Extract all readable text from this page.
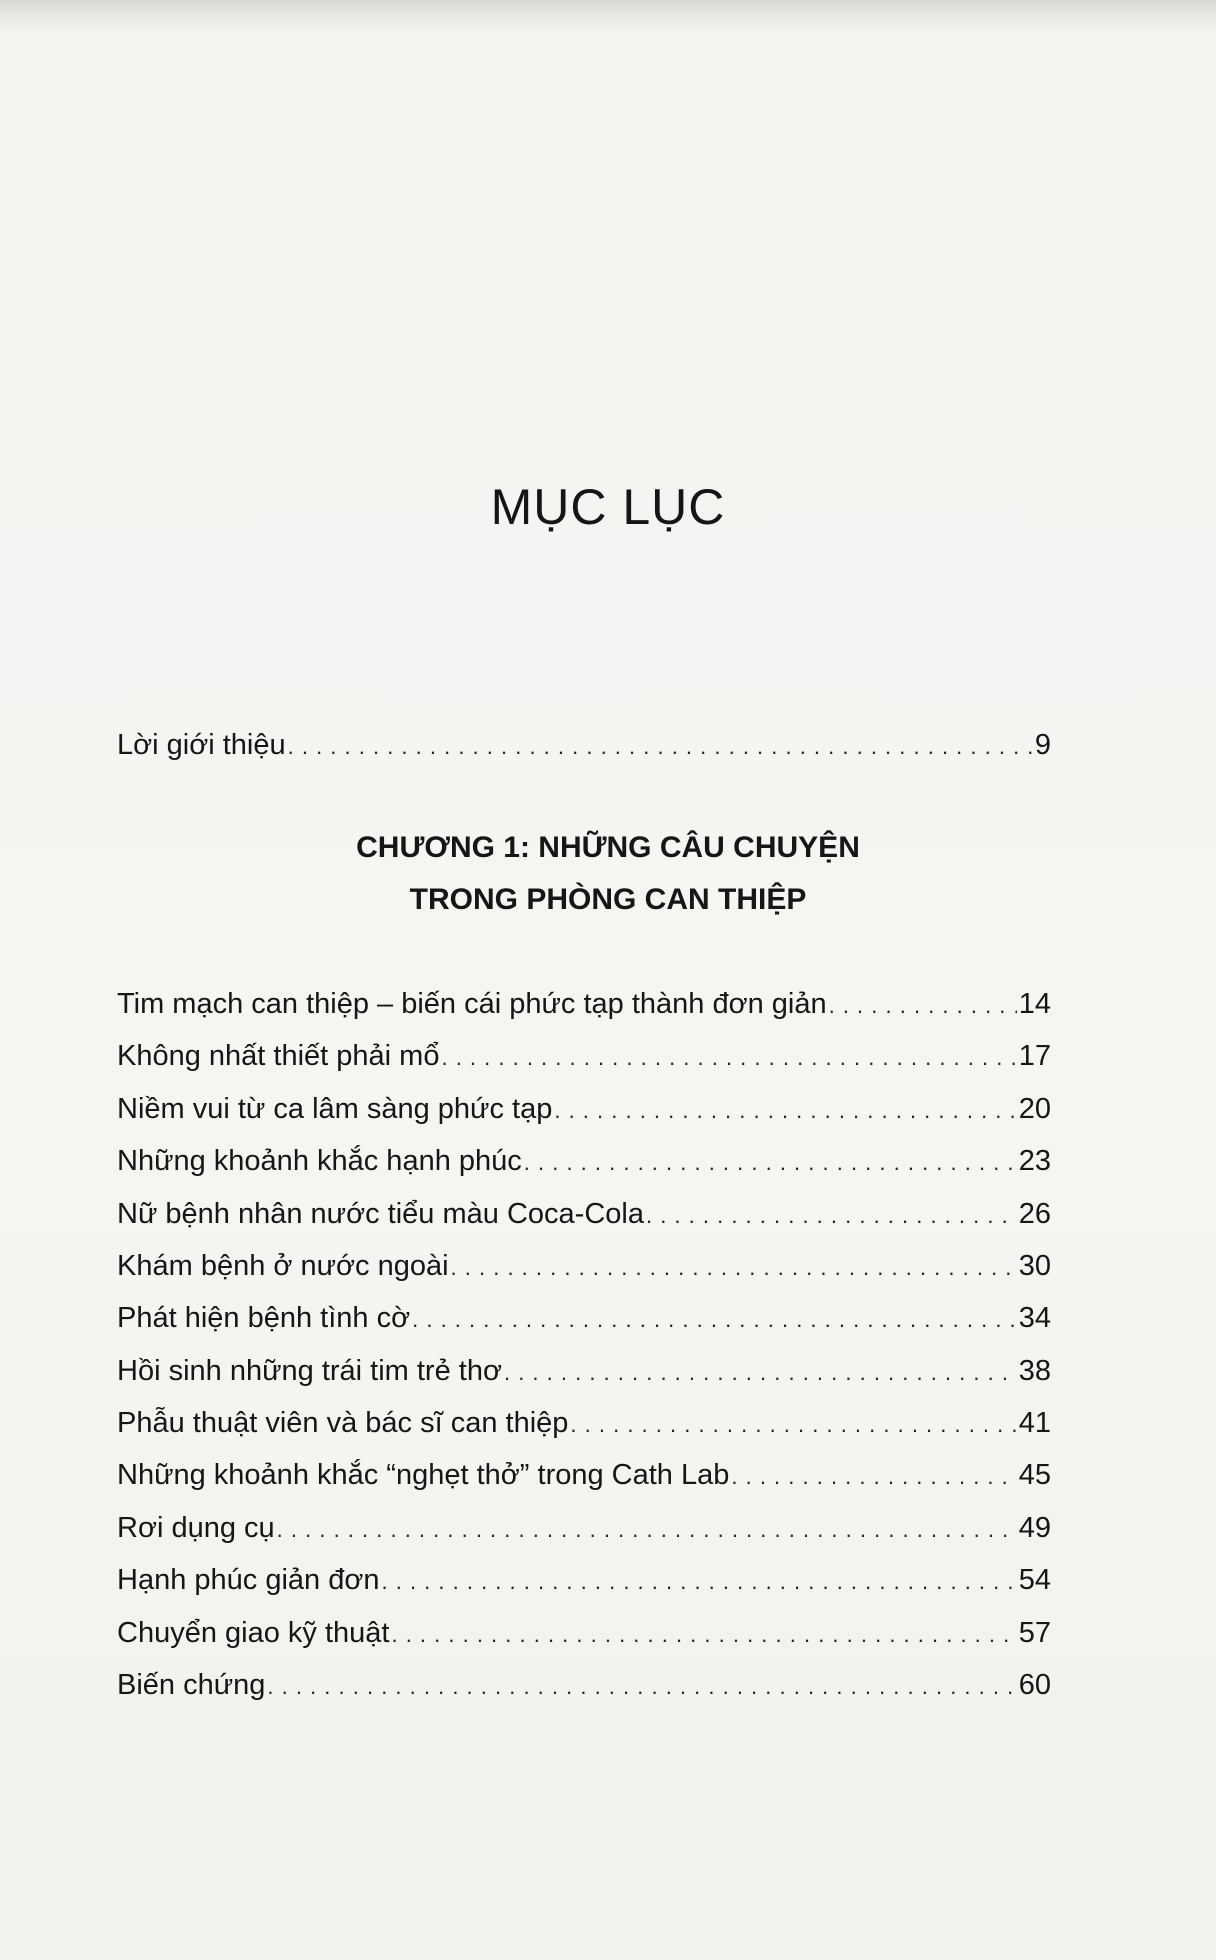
MỤC LỤC
Lời giới thiệu . . .	9
CHƯƠNG 1: NHỮNG CÂU CHUYỆN
TRONG PHÒNG CAN THIỆP
Tim mạch can thiệp – biến cái phức tạp thành đơn giản . . .	14
Không nhất thiết phải mổ . . .	17
Niềm vui từ ca lâm sàng phức tạp . . .	20
Những khoảnh khắc hạnh phúc . . .	23
Nữ bệnh nhân nước tiểu màu Coca-Cola . . .	26
Khám bệnh ở nước ngoài . . .	30
Phát hiện bệnh tình cờ . . .	34
Hồi sinh những trái tim trẻ thơ . . .	38
Phẫu thuật viên và bác sĩ can thiệp . . .	41
Những khoảnh khắc “nghẹt thở” trong Cath Lab . . .	45
Rơi dụng cụ . . .	49
Hạnh phúc giản đơn . . .	54
Chuyển giao kỹ thuật . . .	57
Biến chứng . . .	60
